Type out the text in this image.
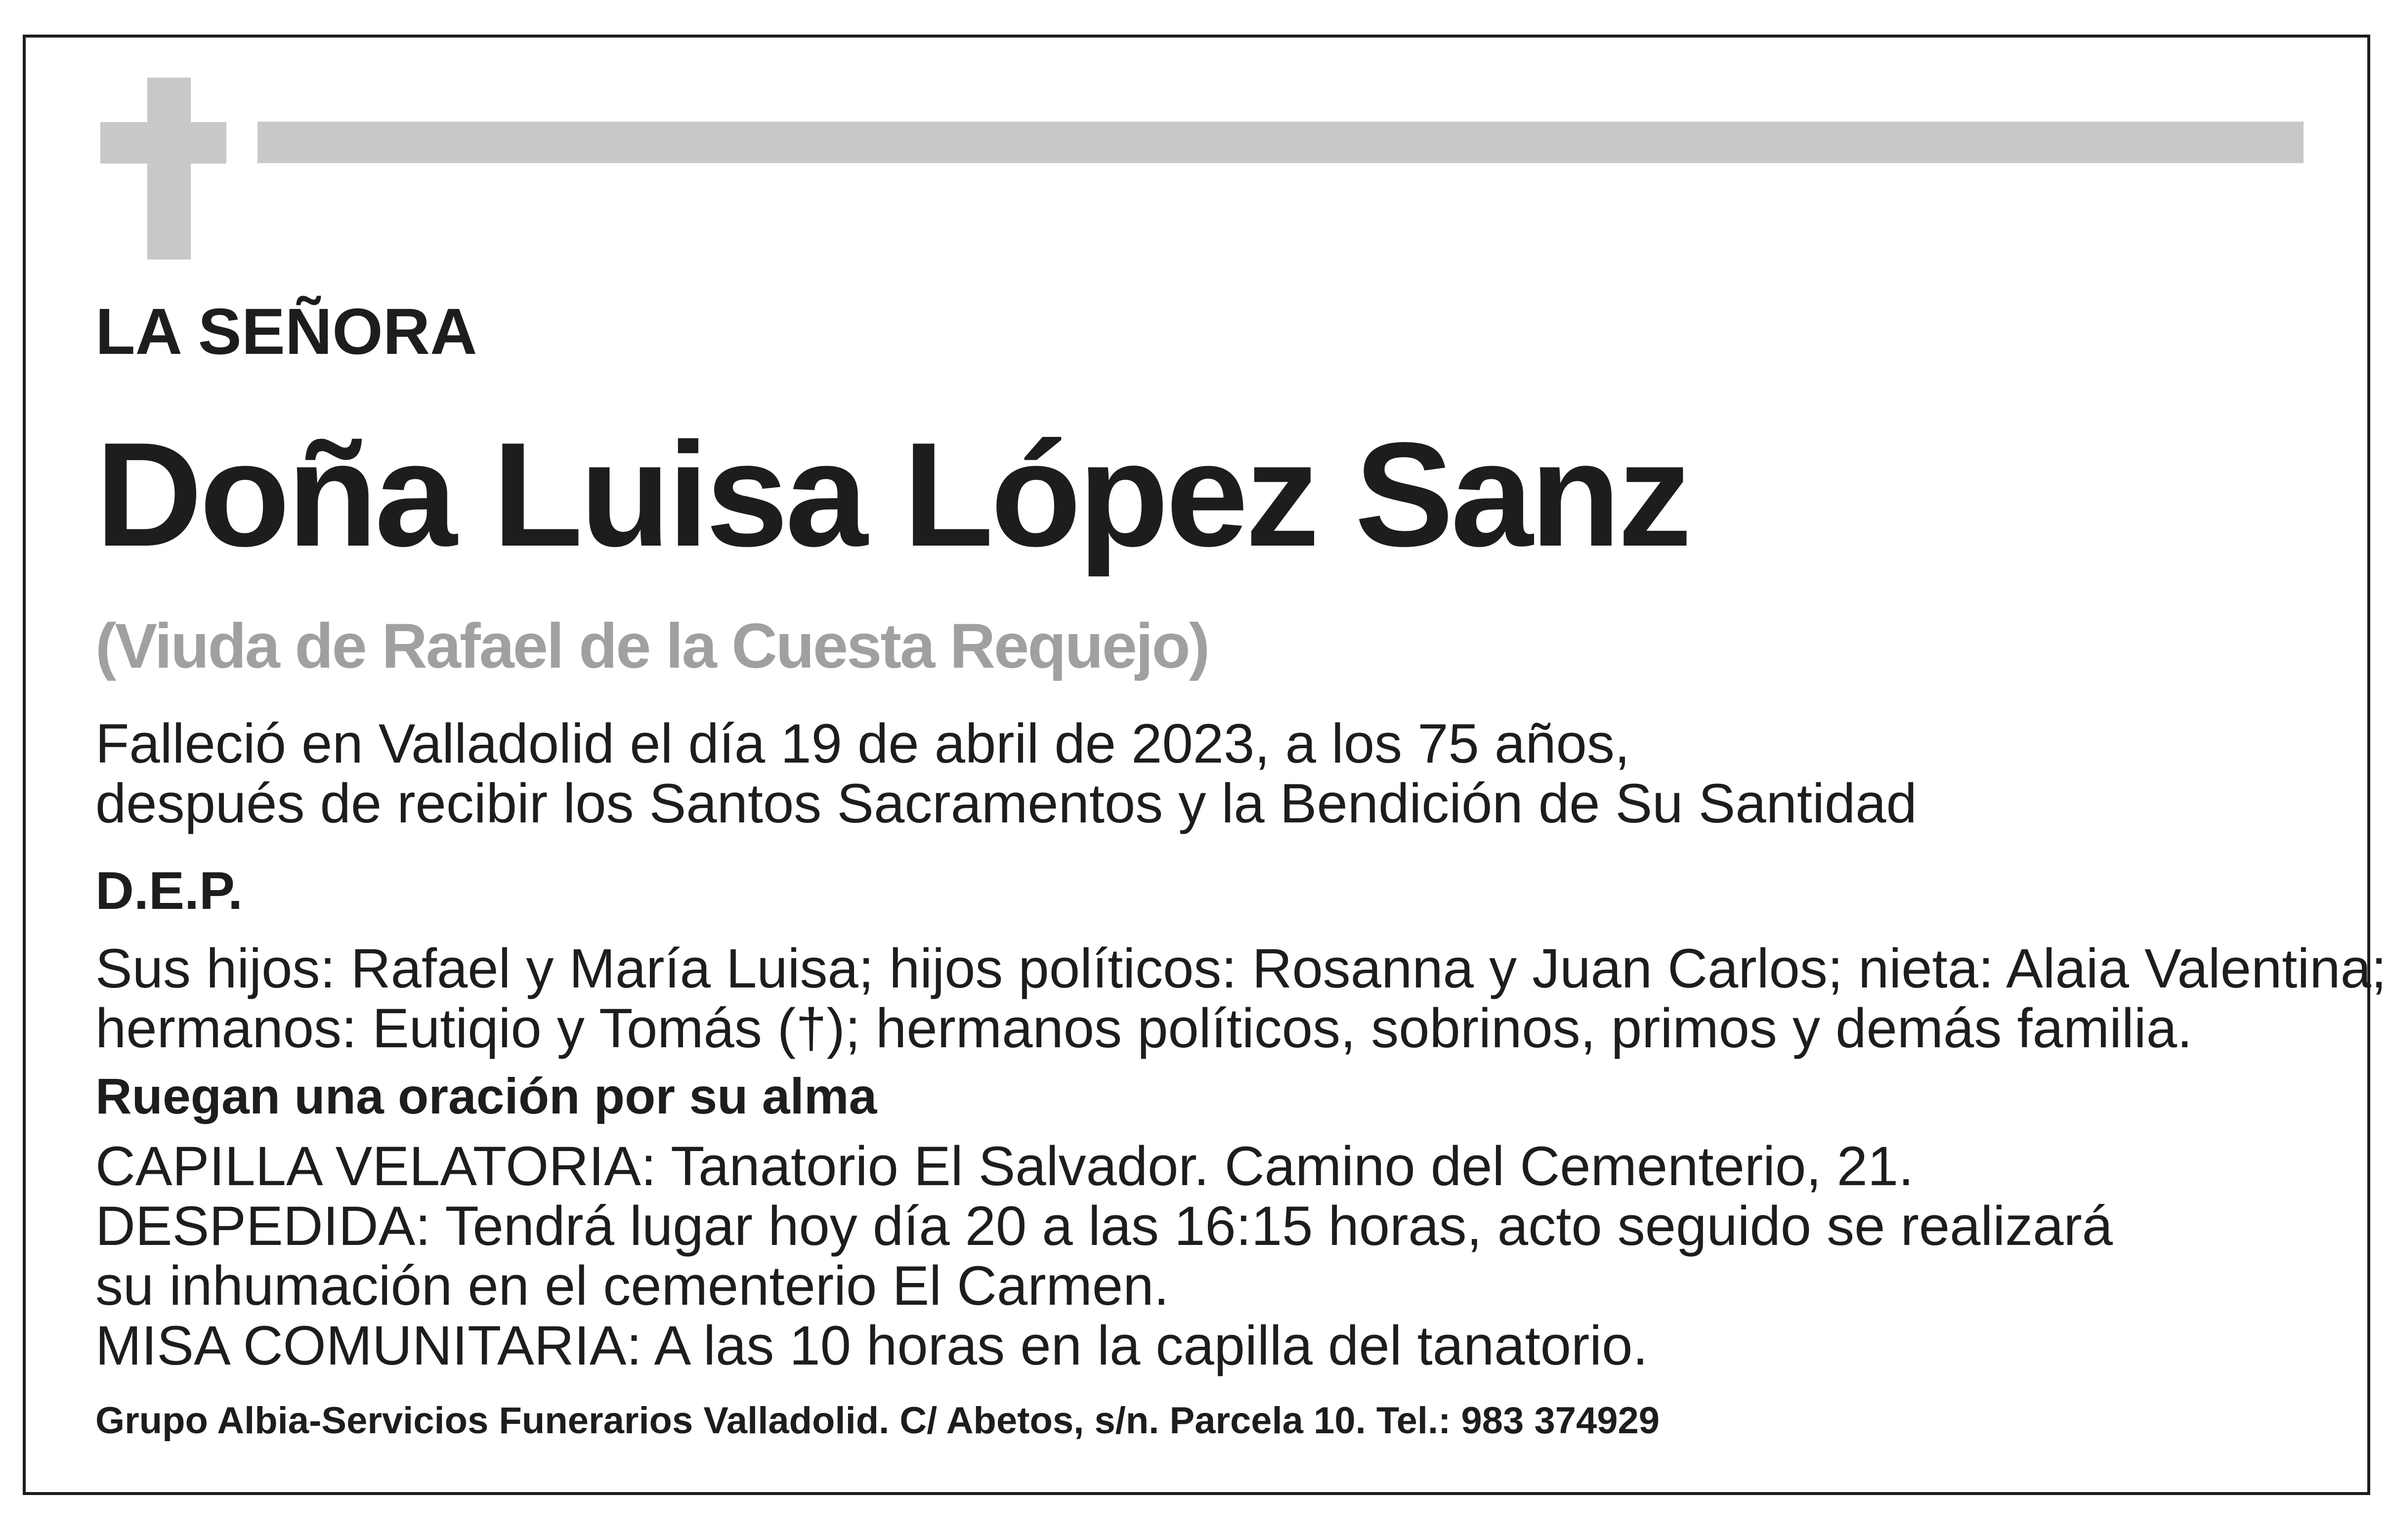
LA SEÑORA

Doña Luisa López Sanz

(Viuda de Rafael de la Cuesta Requejo)

Falleció en Valladolid el día 19 de abril de 2023, a los 75 años,

después de recibir los Santos Sacramentos y la Bendición de Su Santidad

D.E.P.

Sus hijos: Rafael y María Luisa; hijos políticos: Rosanna y Juan Carlos; nieta: Alaia Valentina;

hermanos: Eutiqio y Tomás (†); hermanos políticos, sobrinos, primos y demás familia.

Ruegan una oración por su alma

CAPILLA VELATORIA: Tanatorio El Salvador. Camino del Cementerio, 21.

DESPEDIDA: Tendrá lugar hoy día 20 a las 16:15 horas, acto seguido se realizará

su inhumación en el cementerio El Carmen.

MISA COMUNITARIA: A las 10 horas en la capilla del tanatorio.

Grupo Albia-Servicios Funerarios Valladolid. C/ Abetos, s/n. Parcela 10. Tel.: 983 374929
